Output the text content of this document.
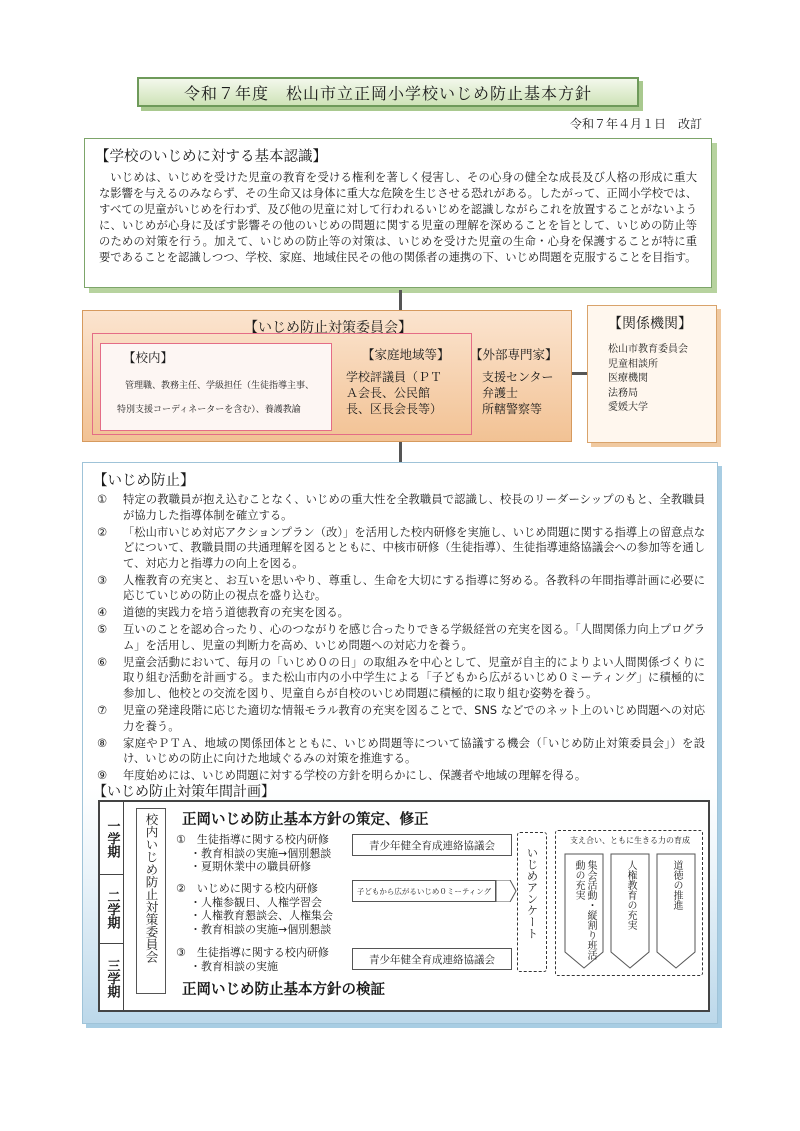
令和７年度　松山市立正岡小学校いじめ防止基本方針
令和７年４月１日　改訂
【学校のいじめに対する基本認識】

いじめは、いじめを受けた児童の教育を受ける権利を著しく侵害し、その心身の健全な成長及び人格の形成に重大な影響を与えるのみならず、その生命又は身体に重大な危険を生じさせる恐れがある。したがって、正岡小学校では、すべての児童がいじめを行わず、及び他の児童に対して行われるいじめを認識しながらこれを放置することがないように、いじめが心身に及ぼす影響その他のいじめの問題に関する児童の理解を深めることを旨として、いじめの防止等のための対策を行う。加えて、いじめの防止等の対策は、いじめを受けた児童の生命・心身を保護することが特に重要であることを認識しつつ、学校、家庭、地域住民その他の関係者の連携の下、いじめ問題を克服することを目指す。

【いじめ防止対策委員会】
【校内】
管理職、教務主任、学級担任（生徒指導主事、
特別支援コーディネーターを含む）、養護教諭
【家庭地域等】
学校評議員（ＰＴ
Ａ会長、公民館
長、区長会長等）
【外部専門家】
支援センター
弁護士
所轄警察等
【関係機関】
松山市教育委員会
児童相談所
医療機関
法務局
愛媛大学
【いじめ防止】
①	特定の教職員が抱え込むことなく、いじめの重大性を全教職員で認識し、校長のリーダーシップのもと、全教職員が協力した指導体制を確立する。
②	「松山市いじめ対応アクションプラン（改）」を活用した校内研修を実施し、いじめ問題に関する指導上の留意点などについて、教職員間の共通理解を図るとともに、中核市研修（生徒指導）、生徒指導連絡協議会への参加等を通して、対応力と指導力の向上を図る。
③	人権教育の充実と、お互いを思いやり、尊重し、生命を大切にする指導に努める。各教科の年間指導計画に必要に応じていじめの防止の視点を盛り込む。
④	道徳的実践力を培う道徳教育の充実を図る。
⑤	互いのことを認め合ったり、心のつながりを感じ合ったりできる学級経営の充実を図る。「人間関係力向上プログラム」を活用し、児童の判断力を高め、いじめ問題への対応力を養う。
⑥	児童会活動において、毎月の「いじめ０の日」の取組みを中心として、児童が自主的によりよい人間関係づくりに取り組む活動を計画する。また松山市内の小中学生による「子どもから広がるいじめ０ミーティング」に積極的に参加し、他校との交流を図り、児童自らが自校のいじめ問題に積極的に取り組む姿勢を養う。
⑦	児童の発達段階に応じた適切な情報モラル教育の充実を図ることで、SNS などでのネット上のいじめ問題への対応力を養う。
⑧	家庭やＰＴＡ、地域の関係団体とともに、いじめ問題等について協議する機会（「いじめ防止対策委員会」）を設け、いじめの防止に向けた地域ぐるみの対策を推進する。
⑨	年度始めには、いじめ問題に対する学校の方針を明らかにし、保護者や地域の理解を得る。
【いじめ防止対策年間計画】
一学期
二学期
三学期
校内いじめ防止対策委員会 正岡いじめ防止基本方針の策定、修正
①　生徒指導に関する校内研修
・教育相談の実施→個別懇談
・夏期休業中の職員研修
②　いじめに関する校内研修
・人権参観日、人権学習会
・人権教育懇談会、人権集会
・教育相談の実施→個別懇談
③　生徒指導に関する校内研修
・教育相談の実施
正岡いじめ防止基本方針の検証
青少年健全育成連絡協議会
子どもから広がるいじめ０ミーティング
青少年健全育成連絡協議会
いじめアンケート
支え合い、ともに生きる力の育成
集会活動・縦割り班活動の充実	人権教育の充実	道徳の推進
